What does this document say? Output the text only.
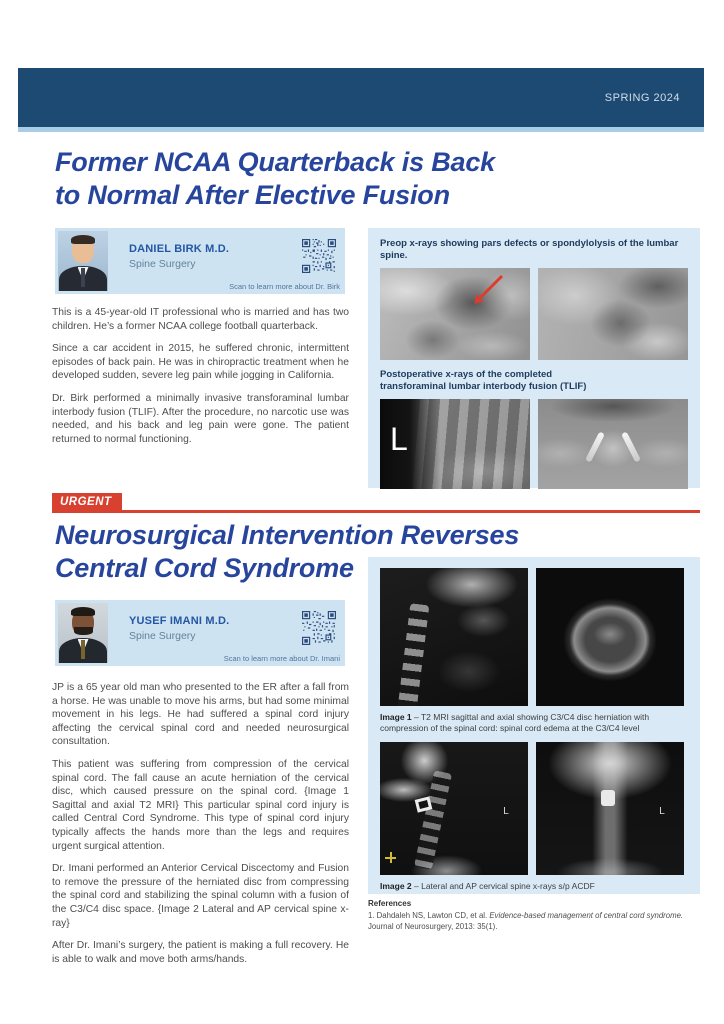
SPRING 2024
Former NCAA Quarterback is Back
to Normal After Elective Fusion
DANIEL BIRK M.D.
Spine Surgery
Scan to learn more about Dr. Birk

This is a 45-year-old IT professional who is married and has two children. He’s a former NCAA college football quarterback.

Since a car accident in 2015, he suffered chronic, intermittent episodes of back pain. He was in chiropractic treatment when he developed sudden, severe leg pain while jogging in California.

Dr. Birk performed a minimally invasive transforaminal lumbar interbody fusion (TLIF). After the procedure, no narcotic use was needed, and his back and leg pain were gone. The patient returned to normal functioning.

Preop x-rays showing pars defects or spondylolysis of the lumbar spine.

Postoperative x-rays of the completed
transforaminal lumbar interbody fusion (TLIF)

L
URGENT
Neurosurgical Intervention Reverses
Central Cord Syndrome
YUSEF IMANI M.D.
Spine Surgery
Scan to learn more about Dr. Imani

JP is a 65 year old man who presented to the ER after a fall from a horse. He was unable to move his arms, but had some minimal movement in his legs. He had suffered a spinal cord injury affecting the cervical spinal cord and needed neurosurgical consultation.

This patient was suffering from compression of the cervical spinal cord. The fall cause an acute herniation of the cervical disc, which caused pressure on the spinal cord. {Image 1 Sagittal and axial T2 MRI} This particular spinal cord injury is called Central Cord Syndrome. This type of spinal cord injury typically affects the hands more than the legs and requires urgent surgical attention.

Dr. Imani performed an Anterior Cervical Discectomy and Fusion to remove the pressure of the herniated disc from compressing the spinal cord and stabilizing the spinal column with a fusion of the C3/C4 disc space. {Image 2 Lateral and AP cervical spine x-ray}

After Dr. Imani’s surgery, the patient is making a full recovery. He is able to walk and move both arms/hands.

Image 1 – T2 MRI sagittal and axial showing C3/C4 disc herniation with compression of the spinal cord: spinal cord edema at the C3/C4 level

L	L

Image 2 – Lateral and AP cervical spine x-rays s/p ACDF

References

1. Dahdaleh NS, Lawton CD, et al. Evidence-based management of central cord syndrome. Journal of Neurosurgery, 2013: 35(1).
